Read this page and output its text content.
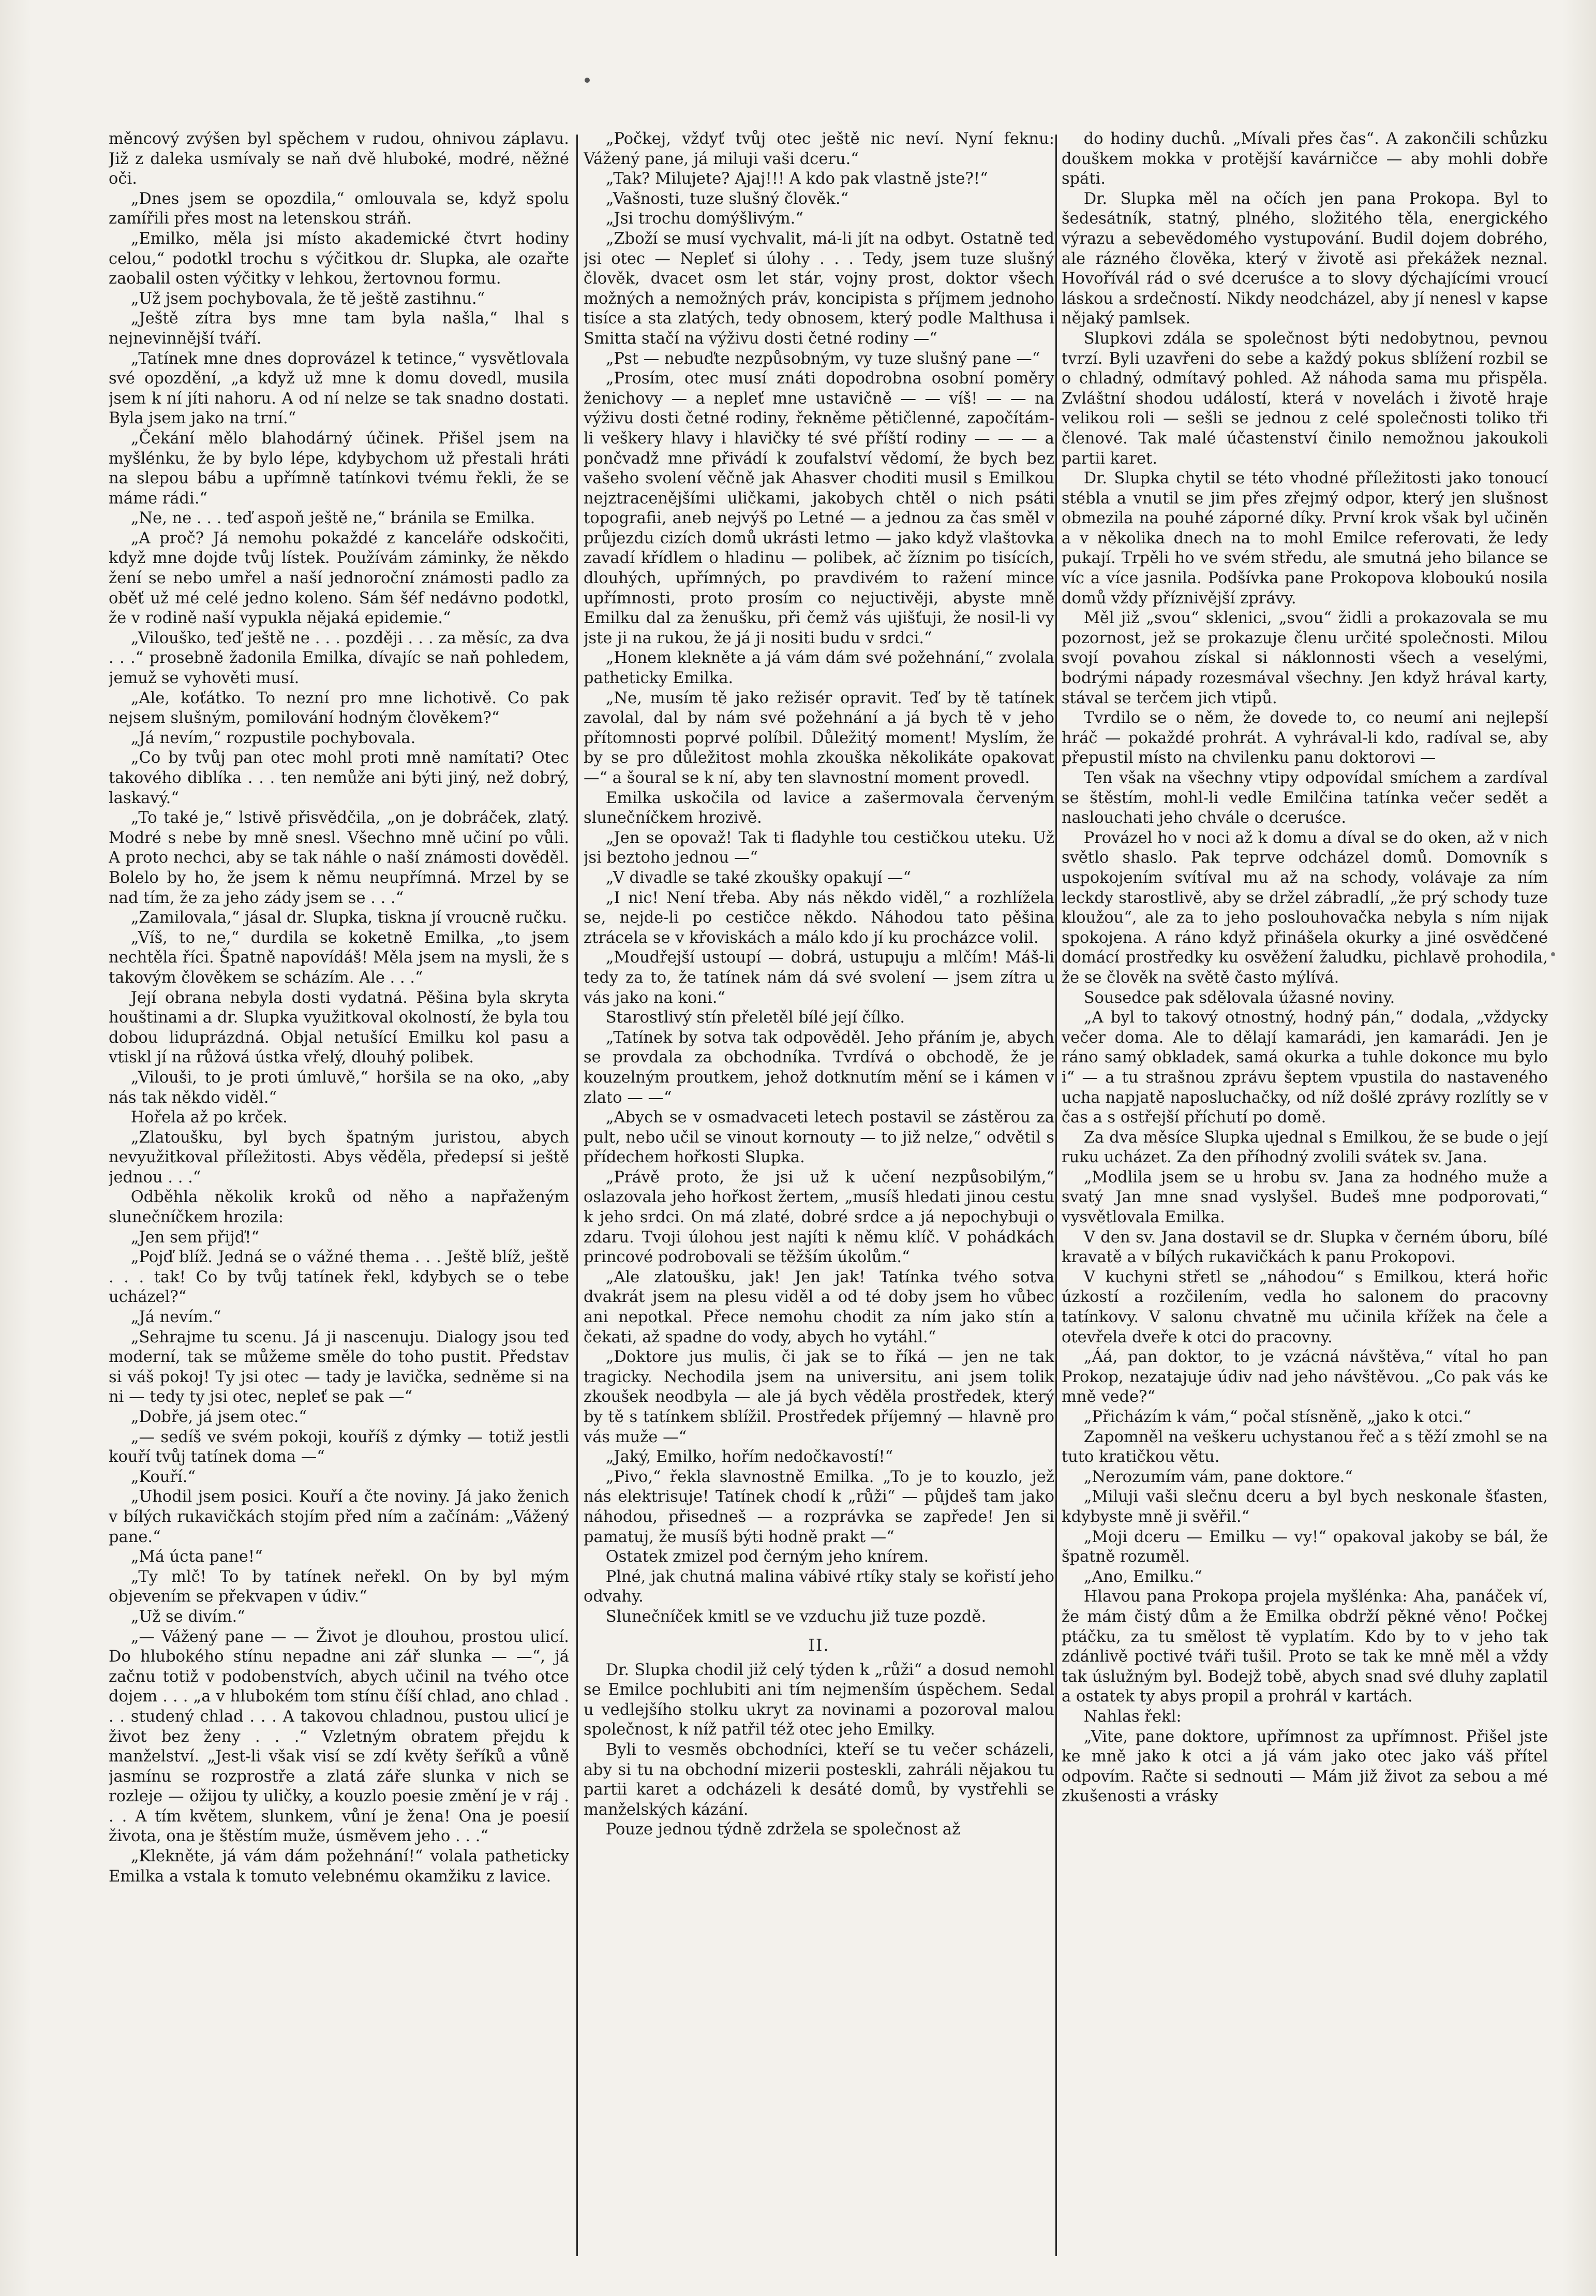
měncový zvýšen byl spěchem v rudou, ohnivou záplavu. Již z daleka usmívaly se naň dvě hluboké, modré, něžné oči.

„Dnes jsem se opozdila,“ omlouvala se, když spolu zamířili přes most na letenskou stráň.

„Emilko, měla jsi místo akademické čtvrt hodiny celou,“ podotkl trochu s výčitkou dr. Slupka, ale ozařte zaobalil osten výčitky v lehkou, žertovnou formu.

„Už jsem pochybovala, že tě ještě zastihnu.“

„Ještě zítra bys mne tam byla našla,“ lhal s nejnevinnější tváří.

„Tatínek mne dnes doprovázel k tetince,“ vysvětlovala své opozdění, „a když už mne k domu dovedl, musila jsem k ní jíti nahoru. A od ní nelze se tak snadno dostati. Byla jsem jako na trní.“

„Čekání mělo blahodárný účinek. Přišel jsem na myšlénku, že by bylo lépe, kdybychom už přestali hráti na slepou bábu a upřímně tatínkovi tvému řekli, že se máme rádi.“

„Ne, ne . . . teď aspoň ještě ne,“ bránila se Emilka.

„A proč? Já nemohu pokaždé z kanceláře odskočiti, když mne dojde tvůj lístek. Používám záminky, že někdo žení se nebo umřel a naší jednoroční známosti padlo za oběť už mé celé jedno koleno. Sám šéf nedávno podotkl, že v rodině naší vypukla nějaká epidemie.“

„Vilouško, teď ještě ne . . . později . . . za měsíc, za dva . . .“ prosebně žadonila Emilka, dívajíc se naň pohledem, jemuž se vyhověti musí.

„Ale, koťátko. To nezní pro mne lichotivě. Co pak nejsem slušným, pomilování hodným člověkem?“

„Já nevím,“ rozpustile pochybovala.

„Co by tvůj pan otec mohl proti mně namítati? Otec takového diblíka . . . ten nemůže ani býti jiný, než dobrý, laskavý.“

„To také je,“ lstivě přisvědčila, „on je dobráček, zlatý. Modré s nebe by mně snesl. Všechno mně učiní po vůli. A proto nechci, aby se tak náhle o naší známosti dověděl. Bolelo by ho, že jsem k němu neupřímná. Mrzel by se nad tím, že za jeho zády jsem se . . .“

„Zamilovala,“ jásal dr. Slupka, tiskna jí vroucně ručku.

„Víš, to ne,“ durdila se koketně Emilka, „to jsem nechtěla říci. Špatně napovídáš! Měla jsem na mysli, že s takovým člověkem se scházím. Ale . . .“

Její obrana nebyla dosti vydatná. Pěšina byla skryta houštinami a dr. Slupka využitkoval okolností, že byla tou dobou liduprázdná. Objal netušící Emilku kol pasu a vtiskl jí na růžová ústka vřelý, dlouhý polibek.

„Vilouši, to je proti úmluvě,“ horšila se na oko, „aby nás tak někdo viděl.“

Hořela až po krček.

„Zlatoušku, byl bych špatným juristou, abych nevyužitkoval příležitosti. Abys věděla, předepsí si ještě jednou . . .“

Odběhla několik kroků od něho a napřaženým slunečníčkem hrozila:

„Jen sem přijď!“

„Pojď blíž. Jedná se o vážné thema . . . Ještě blíž, ještě . . . tak! Co by tvůj tatínek řekl, kdybych se o tebe ucházel?“

„Já nevím.“

„Sehrajme tu scenu. Já ji nascenuju. Dialogy jsou teď moderní, tak se můžeme směle do toho pustit. Představ si váš pokoj! Ty jsi otec — tady je lavička, sedněme si na ni — tedy ty jsi otec, nepleť se pak —“

„Dobře, já jsem otec.“

„— sedíš ve svém pokoji, kouříš z dýmky — totiž jestli kouří tvůj tatínek doma —“

„Kouří.“

„Uhodil jsem posici. Kouří a čte noviny. Já jako ženich v bílých rukavičkách stojím před ním a začínám: „Vážený pane.“

„Má úcta pane!“

„Ty mlč! To by tatínek neřekl. On by byl mým objevením se překvapen v údiv.“

„Už se divím.“

„— Vážený pane — — Život je dlouhou, prostou ulicí. Do hlubokého stínu nepadne ani zář slunka — —“, já začnu totiž v podobenstvích, abych učinil na tvého otce dojem . . . „a v hlubokém tom stínu číší chlad, ano chlad . . . studený chlad . . . A takovou chladnou, pustou ulicí je život bez ženy . . .“ Vzletným obratem přejdu k manželství. „Jest-li však visí se zdí květy šeříků a vůně jasmínu se rozprostře a zlatá záře slunka v nich se rozleje — ožijou ty uličky, a kouzlo poesie změní je v ráj . . . A tím květem, slunkem, vůní je žena! Ona je poesií života, ona je štěstím muže, úsměvem jeho . . .“

„Klekněte, já vám dám požehnání!“ volala patheticky Emilka a vstala k tomuto velebnému okamžiku z lavice.

„Počkej, vždyť tvůj otec ještě nic neví. Nyní feknu: Vážený pane, já miluji vaši dceru.“

„Tak? Milujete? Ajaj!!! A kdo pak vlastně jste?!“

„Vašnosti, tuze slušný člověk.“

„Jsi trochu domýšlivým.“

„Zboží se musí vychvalit, má-li jít na odbyt. Ostatně teď jsi otec — Nepleť si úlohy . . . Tedy, jsem tuze slušný člověk, dvacet osm let stár, vojny prost, doktor všech možných a nemožných práv, koncipista s příjmem jednoho tisíce a sta zlatých, tedy obnosem, který podle Malthusa i Smitta stačí na výživu dosti četné rodiny —“

„Pst — nebuďte nezpůsobným, vy tuze slušný pane —“

„Prosím, otec musí znáti dopodrobna osobní poměry ženichovy — a nepleť mne ustavičně — — víš! — — na výživu dosti četné rodiny, řekněme pětičlenné, započítám-li veškery hlavy i hlavičky té své příští rodiny — — — a pončvadž mne přivádí k zoufalství vědomí, že bych bez vašeho svolení věčně jak Ahasver choditi musil s Emilkou nejztracenějšími uličkami, jakobych chtěl o nich psáti topografii, aneb nejvýš po Letné — a jednou za čas směl v průjezdu cizích domů ukrásti letmo — jako když vlaštovka zavadí křídlem o hladinu — polibek, ač žíznim po tisících, dlouhých, upřímných, po pravdivém to ražení mince upřímnosti, proto prosím co nejuctivěji, abyste mně Emilku dal za ženušku, při čemž vás ujišťuji, že nosil-li vy jste ji na rukou, že já ji nositi budu v srdci.“

„Honem klekněte a já vám dám své požehnání,“ zvolala patheticky Emilka.

„Ne, musím tě jako režisér opravit. Teď by tě tatínek zavolal, dal by nám své požehnání a já bych tě v jeho přítomnosti poprvé políbil. Důležitý moment! Myslím, že by se pro důležitost mohla zkouška několikáte opakovat —“ a šoural se k ní, aby ten slavnostní moment provedl.

Emilka uskočila od lavice a zašermovala červeným slunečníčkem hrozivě.

„Jen se opovaž! Tak ti fladyhle tou cestičkou uteku. Už jsi beztoho jednou —“

„V divadle se také zkoušky opakují —“

„I nic! Není třeba. Aby nás někdo viděl,“ a rozhlížela se, nejde-li po cestičce někdo. Náhodou tato pěšina ztrácela se v křoviskách a málo kdo jí ku procházce volil.

„Moudřejší ustoupí — dobrá, ustupuju a mlčím! Máš-li tedy za to, že tatínek nám dá své svolení — jsem zítra u vás jako na koni.“

Starostlivý stín přeletěl bílé její čílko.

„Tatínek by sotva tak odpověděl. Jeho přáním je, abych se provdala za obchodníka. Tvrdívá o obchodě, že je kouzelným proutkem, jehož dotknutím mění se i kámen v zlato — —“

„Abych se v osmadvaceti letech postavil se zástěrou za pult, nebo učil se vinout kornouty — to již nelze,“ odvětil s přídechem hořkosti Slupka.

„Právě proto, že jsi už k učení nezpůsobilým,“ oslazovala jeho hořkost žertem, „musíš hledati jinou cestu k jeho srdci. On má zlaté, dobré srdce a já nepochybuji o zdaru. Tvoji úlohou jest najíti k němu klíč. V pohádkách princové podrobovali se těžším úkolům.“

„Ale zlatoušku, jak! Jen jak! Tatínka tvého sotva dvakrát jsem na plesu viděl a od té doby jsem ho vůbec ani nepotkal. Přece nemohu chodit za ním jako stín a čekati, až spadne do vody, abych ho vytáhl.“

„Doktore jus mulis, či jak se to říká — jen ne tak tragicky. Nechodila jsem na universitu, ani jsem tolik zkoušek neodbyla — ale já bych věděla prostředek, který by tě s tatínkem sblížil. Prostředek příjemný — hlavně pro vás muže —“

„Jaký, Emilko, hořím nedočkavostí!“

„Pivo,“ řekla slavnostně Emilka. „To je to kouzlo, jež nás elektrisuje! Tatínek chodí k „růži“ — půjdeš tam jako náhodou, přisedneš — a rozprávka se zapřede! Jen si pamatuj, že musíš býti hodně prakt —“

Ostatek zmizel pod černým jeho knírem.

Plné, jak chutná malina vábivé rtíky staly se kořistí jeho odvahy.

Slunečníček kmitl se ve vzduchu již tuze pozdě.

II.

Dr. Slupka chodil již celý týden k „růži“ a dosud nemohl se Emilce pochlubiti ani tím nejmenším úspěchem. Sedal u vedlejšího stolku ukryt za novinami a pozoroval malou společnost, k níž patřil též otec jeho Emilky.

Byli to vesměs obchodníci, kteří se tu večer scházeli, aby si tu na obchodní mizerii posteskli, zahráli nějakou tu partii karet a odcházeli k desáté domů, by vystřehli se manželských kázání.

Pouze jednou týdně zdržela se společnost až

do hodiny duchů. „Mívali přes čas“. A zakončili schůzku douškem mokka v protější kavárničce — aby mohli dobře spáti.

Dr. Slupka měl na očích jen pana Prokopa. Byl to šedesátník, statný, plného, složitého těla, energického výrazu a sebevědomého vystupování. Budil dojem dobrého, ale rázného člověka, který v životě asi překážek neznal. Hovořívál rád o své dceruśce a to slovy dýchajícími vroucí láskou a srdečností. Nikdy neodcházel, aby jí nenesl v kapse nějaký pamlsek.

Slupkovi zdála se společnost býti nedobytnou, pevnou tvrzí. Byli uzavřeni do sebe a každý pokus sblížení rozbil se o chladný, odmítavý pohled. Až náhoda sama mu přispěla. Zvláštní shodou událostí, která v novelách i životě hraje velikou roli — sešli se jednou z celé společnosti toliko tři členové. Tak malé účastenství činilo nemožnou jakoukoli partii karet.

Dr. Slupka chytil se této vhodné příležitosti jako tonoucí stébla a vnutil se jim přes zřejmý odpor, který jen slušnost obmezila na pouhé záporné díky. První krok však byl učiněn a v několika dnech na to mohl Emilce referovati, že ledy pukají. Trpěli ho ve svém středu, ale smutná jeho bilance se víc a více jasnila. Podšívka pane Prokopova kloboukú nosila domů vždy příznivější zprávy.

Měl již „svou“ sklenici, „svou“ židli a prokazovala se mu pozornost, jež se prokazuje členu určité společnosti. Milou svojí povahou získal si náklonnosti všech a veselými, bodrými nápady rozesmával všechny. Jen když hrával karty, stával se terčem jich vtipů.

Tvrdilo se o něm, že dovede to, co neumí ani nejlepší hráč — pokaždé prohrát. A vyhrával-li kdo, radíval se, aby přepustil místo na chvilenku panu doktorovi —

Ten však na všechny vtipy odpovídal smíchem a zardíval se štěstím, mohl-li vedle Emilčina tatínka večer sedět a naslouchati jeho chvále o dceruśce.

Provázel ho v noci až k domu a díval se do oken, až v nich světlo shaslo. Pak teprve odcházel domů. Domovník s uspokojením svítíval mu až na schody, volávaje za ním leckdy starostlivě, aby se držel zábradlí, „že prý schody tuze kloužou“, ale za to jeho poslouhovačka nebyla s ním nijak spokojena. A ráno když přinášela okurky a jiné osvědčené domácí prostředky ku osvěžení žaludku, pichlavě prohodila, že se člověk na světě často mýlívá.

Sousedce pak sdělovala úžasné noviny.

„A byl to takový otnostný, hodný pán,“ dodala, „vždycky večer doma. Ale to dělají kamarádi, jen kamarádi. Jen je ráno samý obkladek, samá okurka a tuhle dokonce mu bylo i“ — a tu strašnou zprávu šeptem vpustila do nastaveného ucha napjatě naposluchačky, od níž došlé zprávy rozlítly se v čas a s ostřejší příchutí po domě.

Za dva měsíce Slupka ujednal s Emilkou, že se bude o její ruku ucházet. Za den příhodný zvolili svátek sv. Jana.

„Modlila jsem se u hrobu sv. Jana za hodného muže a svatý Jan mne snad vyslyšel. Budeš mne podporovati,“ vysvětlovala Emilka.

V den sv. Jana dostavil se dr. Slupka v černém úboru, bílé kravatě a v bílých rukavičkách k panu Prokopovi.

V kuchyni střetl se „náhodou“ s Emilkou, která hořic úzkostí a rozčilením, vedla ho salonem do pracovny tatínkovy. V salonu chvatně mu učinila křížek na čele a otevřela dveře k otci do pracovny.

„Áá, pan doktor, to je vzácná návštěva,“ vítal ho pan Prokop, nezatajuje údiv nad jeho návštěvou. „Co pak vás ke mně vede?“

„Přicházím k vám,“ počal stísněně, „jako k otci.“

Zapomněl na veškeru uchystanou řeč a s těží zmohl se na tuto kratičkou větu.

„Nerozumím vám, pane doktore.“

„Miluji vaši slečnu dceru a byl bych neskonale šťasten, kdybyste mně ji svěřil.“

„Moji dceru — Emilku — vy!“ opakoval jakoby se bál, že špatně rozuměl.

„Ano, Emilku.“

Hlavou pana Prokopa projela myšlénka: Aha, panáček ví, že mám čistý dům a že Emilka obdrží pěkné věno! Počkej ptáčku, za tu smělost tě vyplatím. Kdo by to v jeho tak zdánlivě poctivé tváři tušil. Proto se tak ke mně měl a vždy tak úslužným byl. Bodejž tobě, abych snad své dluhy zaplatil a ostatek ty abys propil a prohrál v kartách.

Nahlas řekl:

„Vite, pane doktore, upřímnost za upřímnost. Přišel jste ke mně jako k otci a já vám jako otec jako váš přítel odpovím. Račte si sednouti — Mám již život za sebou a mé zkušenosti a vrásky
